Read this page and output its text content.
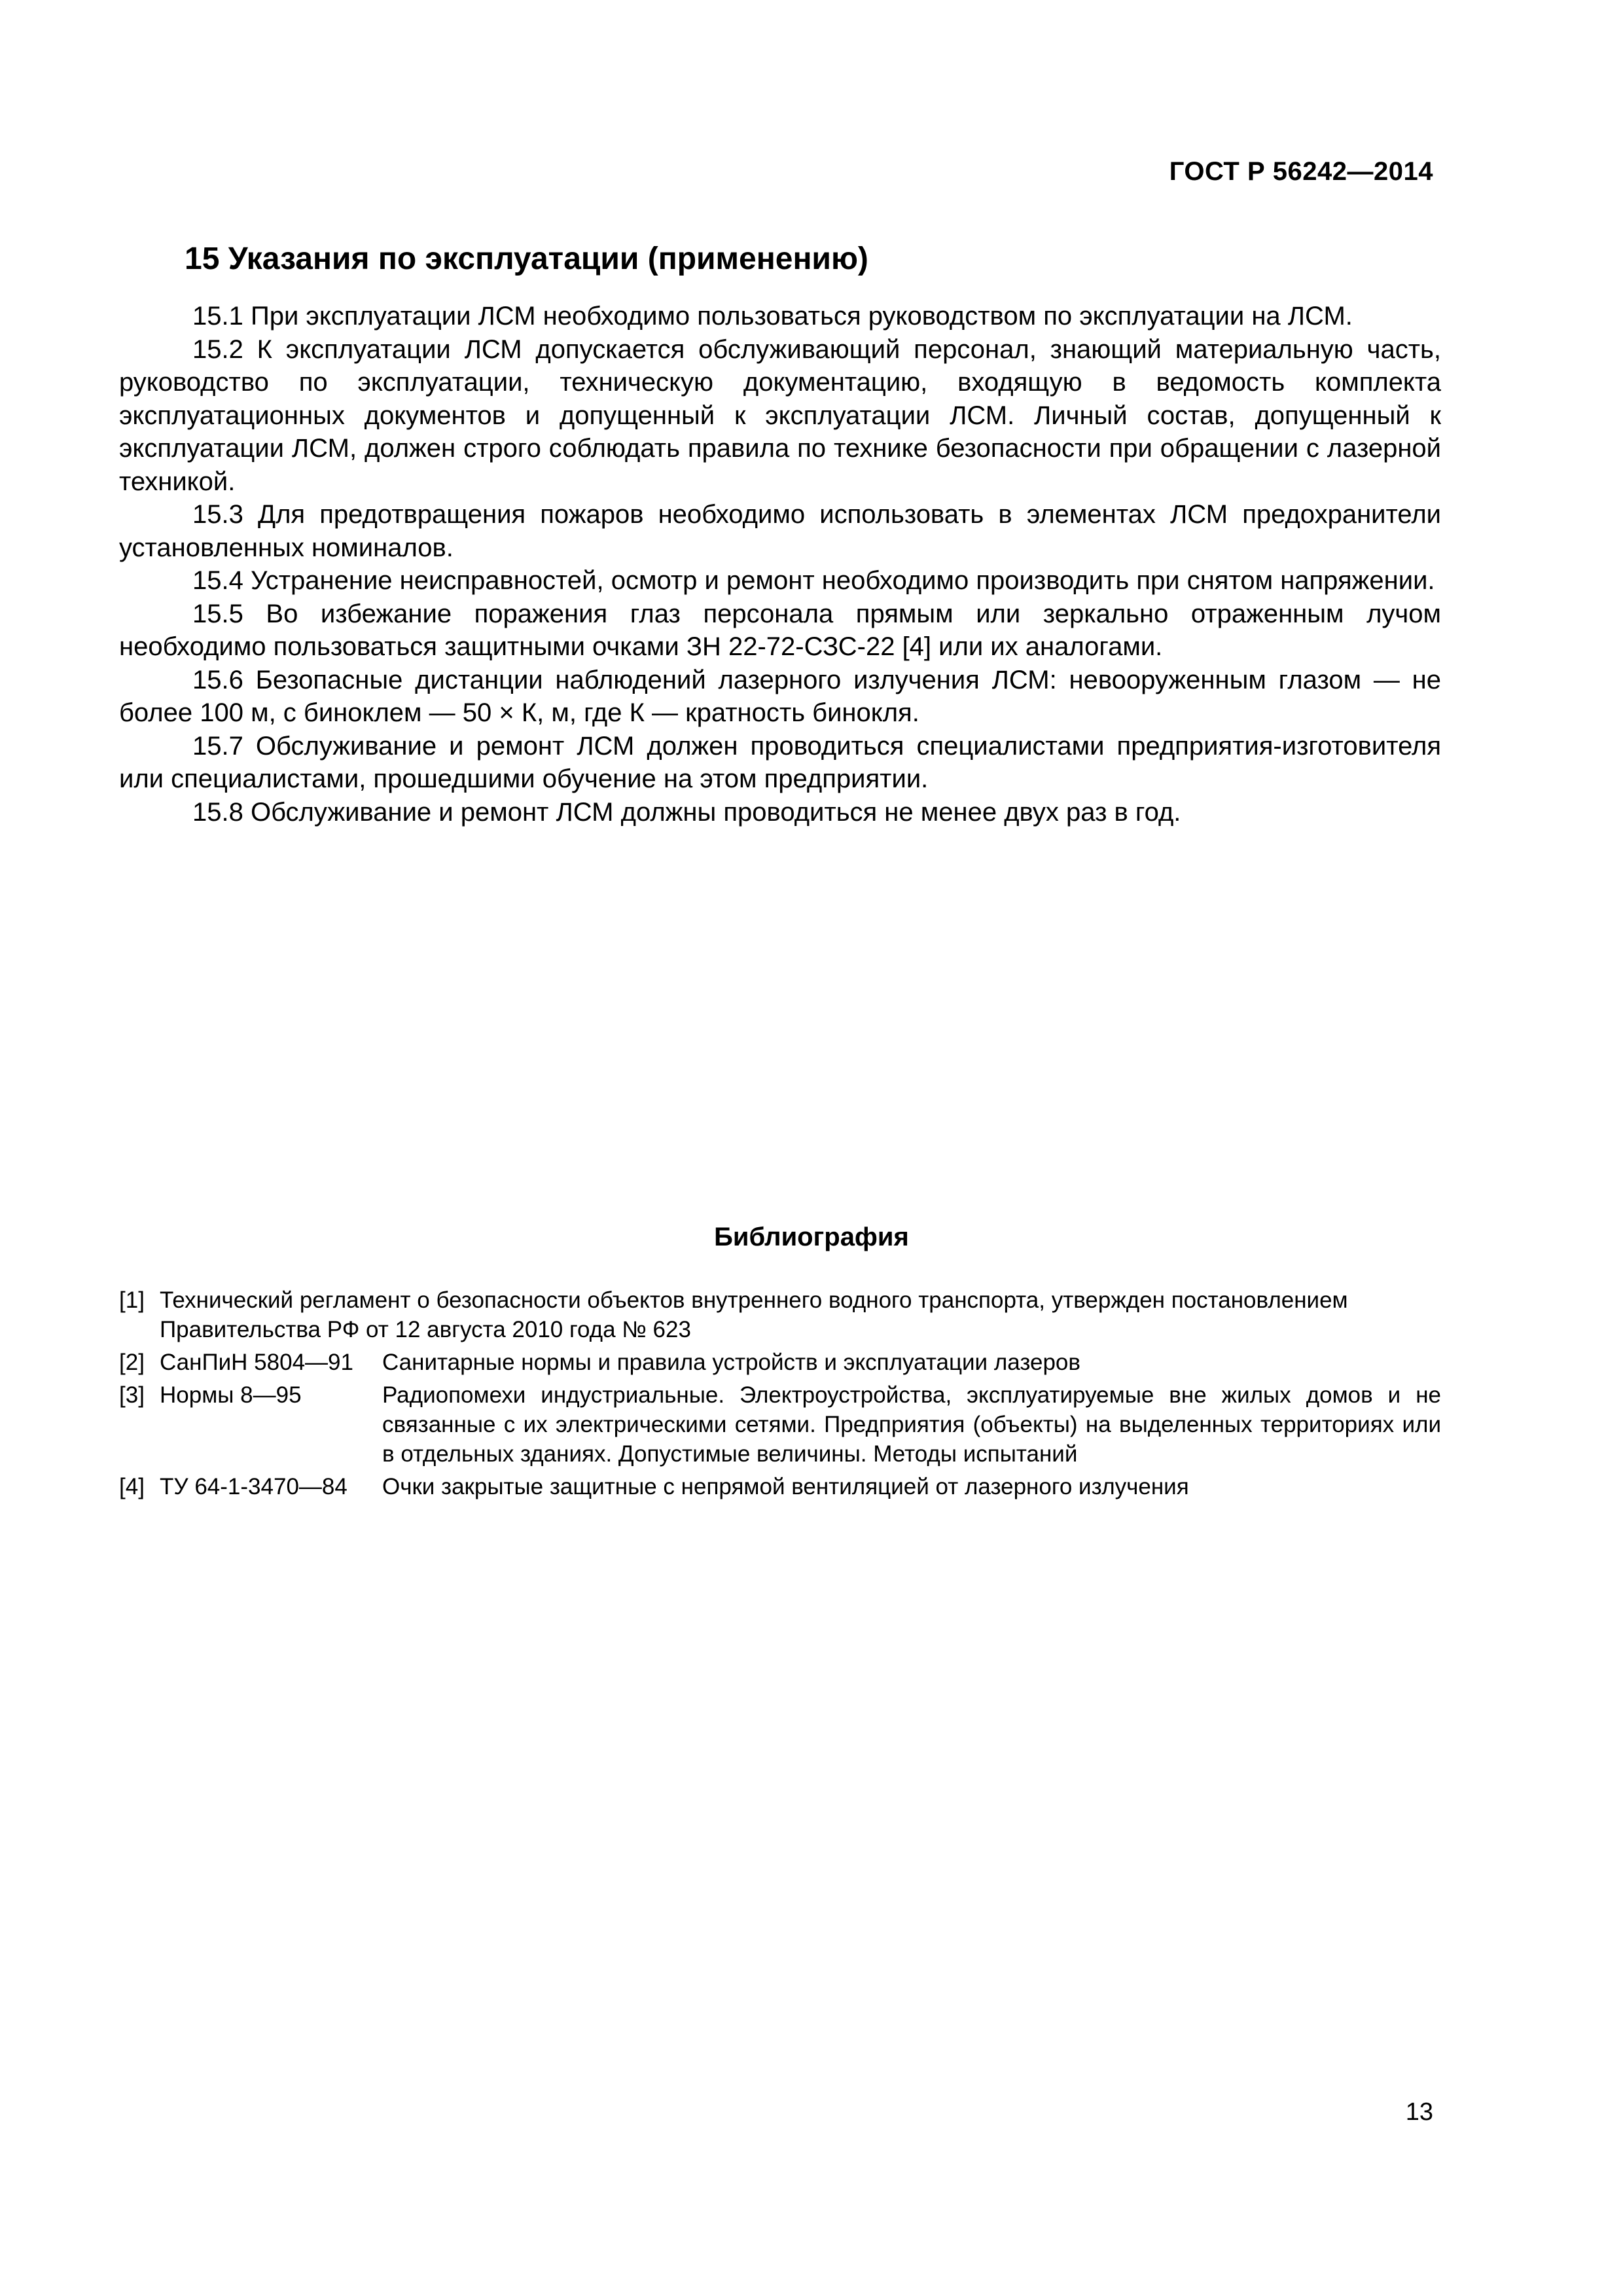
ГОСТ Р 56242—2014
15 Указания по эксплуатации (применению)

15.1 При эксплуатации ЛСМ необходимо пользоваться руководством по эксплуатации на ЛСМ.

15.2 К эксплуатации ЛСМ допускается обслуживающий персонал, знающий материальную часть, руководство по эксплуатации, техническую документацию, входящую в ведомость комплекта эксплуатационных документов и допущенный к эксплуатации ЛСМ. Личный состав, допущенный к эксплуатации ЛСМ, должен строго соблюдать правила по технике безопасности при обращении с лазерной техникой.

15.3 Для предотвращения пожаров необходимо использовать в элементах ЛСМ предохранители установленных номиналов.

15.4 Устранение неисправностей, осмотр и ремонт необходимо производить при снятом напряжении.

15.5 Во избежание поражения глаз персонала прямым или зеркально отраженным лучом необходимо пользоваться защитными очками ЗН 22-72-СЗС-22 [4] или их аналогами.

15.6 Безопасные дистанции наблюдений лазерного излучения ЛСМ: невооруженным глазом — не более 100 м, с биноклем — 50 × К, м, где К — кратность бинокля.

15.7 Обслуживание и ремонт ЛСМ должен проводиться специалистами предприятия-изготовителя или специалистами, прошедшими обучение на этом предприятии.

15.8 Обслуживание и ремонт ЛСМ должны проводиться не менее двух раз в год.

Библиография
[1] Технический регламент о безопасности объектов внутреннего водного транспорта, утвержден постановлением
Правительства РФ от 12 августа 2010 года № 623
[2] СанПиН 5804—91	Санитарные нормы и правила устройств и эксплуатации лазеров
[3] Нормы 8—95	Радиопомехи индустриальные. Электроустройства, эксплуатируемые вне жилых домов и не связанные с их электрическими сетями. Предприятия (объекты) на выделенных территориях или в отдельных зданиях. Допустимые величины. Методы испытаний
[4] ТУ 64-1-3470—84	Очки закрытые защитные с непрямой вентиляцией от лазерного излучения
13
